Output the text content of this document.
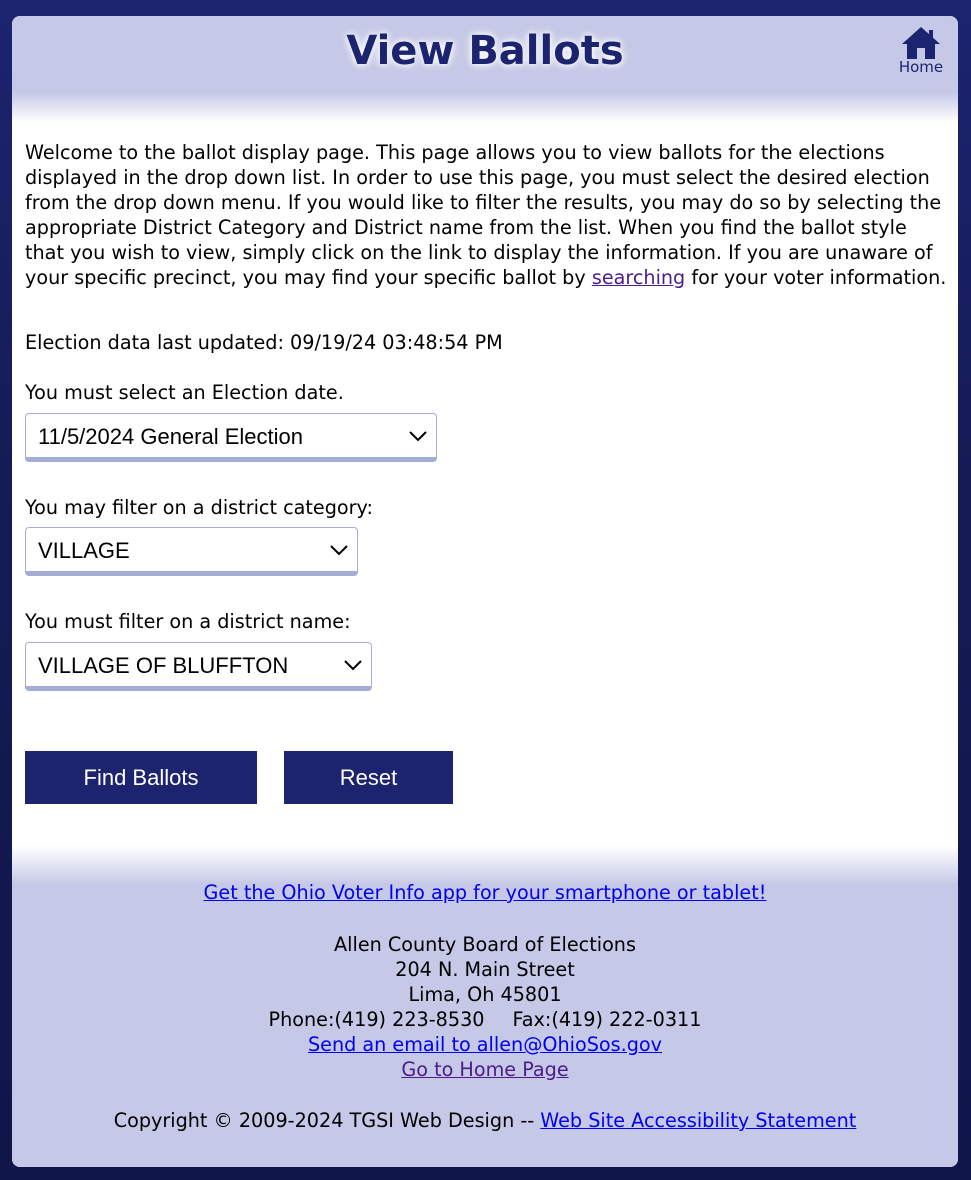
View Ballots	Home

Welcome to the ballot display page. This page allows you to view ballots for the elections displayed in the drop down list. In order to use this page, you must select the desired election from the drop down menu. If you would like to filter the results, you may do so by selecting the appropriate District Category and District name from the list. When you find the ballot style that you wish to view, simply click on the link to display the information. If you are unaware of your specific precinct, you may find your specific ballot by searching for your voter information.

Election data last updated: 09/19/24 03:48:54 PM
You must select an Election date.
11/5/2024 General Election
You may filter on a district category:
VILLAGE
You must filter on a district name:
VILLAGE OF BLUFFTON
Find Ballots	Reset
Get the Ohio Voter Info app for your smartphone or tablet!
Allen County Board of Elections
204 N. Main Street
Lima, Oh 45801
Phone:(419) 223-8530 Fax:(419) 222-0311
Send an email to allen@OhioSos.gov
Go to Home Page
Copyright © 2009-2024 TGSI Web Design -- Web Site Accessibility Statement
